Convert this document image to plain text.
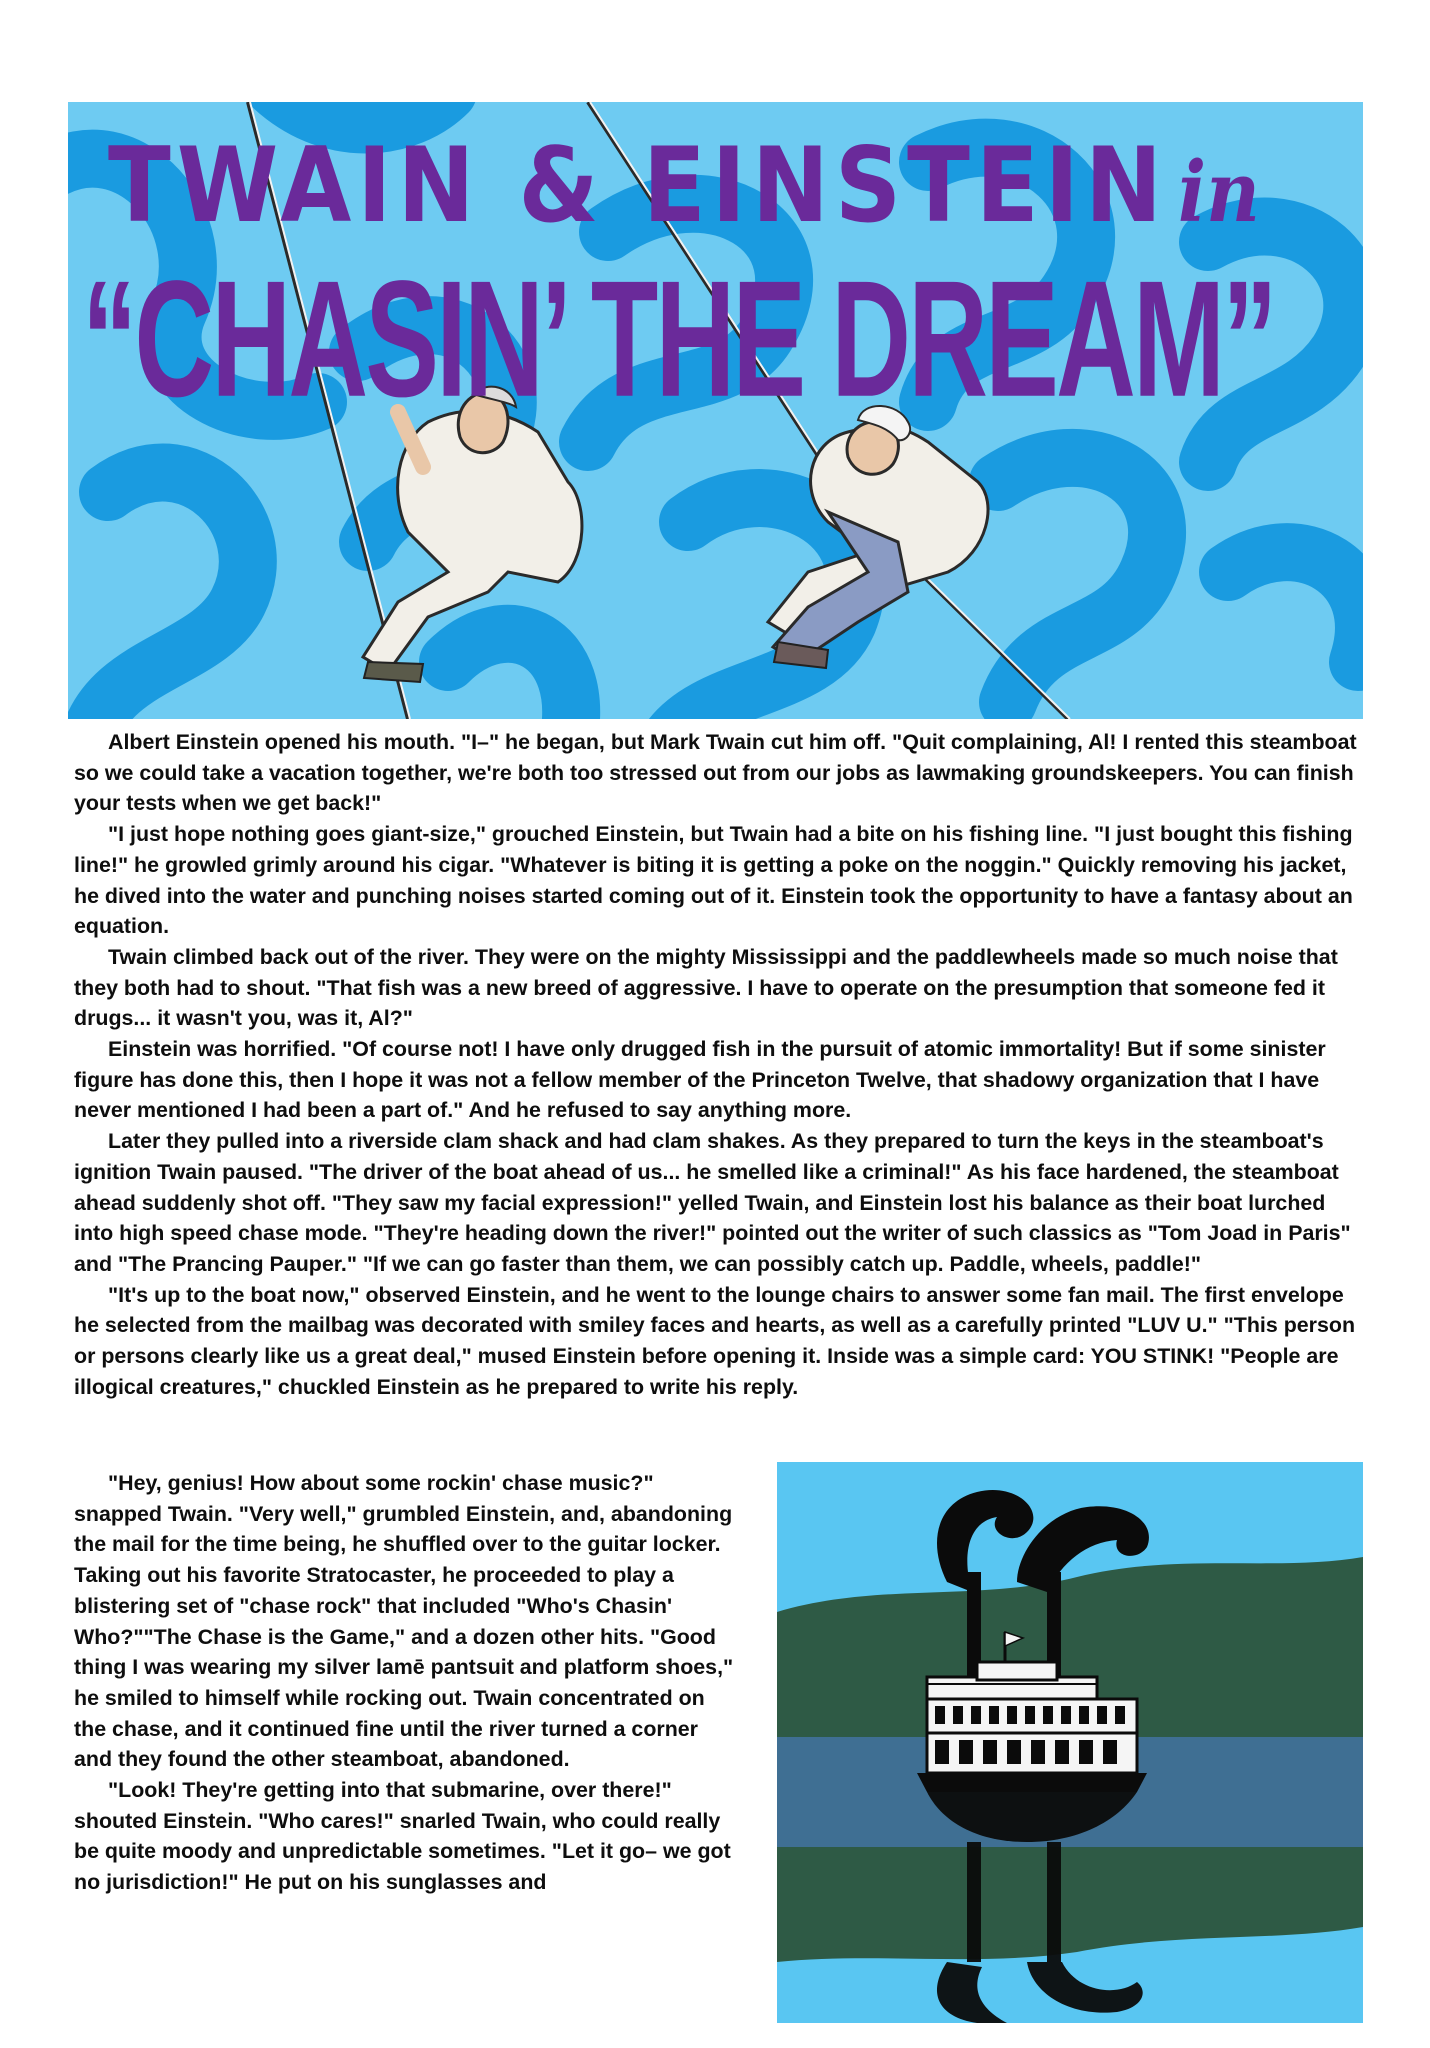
TWAIN & EINSTEIN in
“CHASIN’ THE DREAM”

Albert Einstein opened his mouth. "I–" he began, but Mark Twain cut him off. "Quit complaining, Al! I rented this steamboat so we could take a vacation together, we're both too stressed out from our jobs as lawmaking groundskeepers. You can finish your tests when we get back!"

"I just hope nothing goes giant-size," grouched Einstein, but Twain had a bite on his fishing line. "I just bought this fishing line!" he growled grimly around his cigar. "Whatever is biting it is getting a poke on the noggin." Quickly removing his jacket, he dived into the water and punching noises started coming out of it. Einstein took the opportunity to have a fantasy about an equation.

Twain climbed back out of the river. They were on the mighty Mississippi and the paddlewheels made so much noise that they both had to shout. "That fish was a new breed of aggressive. I have to operate on the presumption that someone fed it drugs... it wasn't you, was it, Al?"

Einstein was horrified. "Of course not! I have only drugged fish in the pursuit of atomic immortality! But if some sinister figure has done this, then I hope it was not a fellow member of the Princeton Twelve, that shadowy organization that I have never mentioned I had been a part of." And he refused to say anything more.

Later they pulled into a riverside clam shack and had clam shakes. As they prepared to turn the keys in the steamboat's ignition Twain paused. "The driver of the boat ahead of us... he smelled like a criminal!" As his face hardened, the steamboat ahead suddenly shot off. "They saw my facial expression!" yelled Twain, and Einstein lost his balance as their boat lurched into high speed chase mode. "They're heading down the river!" pointed out the writer of such classics as "Tom Joad in Paris" and "The Prancing Pauper." "If we can go faster than them, we can possibly catch up. Paddle, wheels, paddle!"

"It's up to the boat now," observed Einstein, and he went to the lounge chairs to answer some fan mail. The first envelope he selected from the mailbag was decorated with smiley faces and hearts, as well as a carefully printed "LUV U." "This person or persons clearly like us a great deal," mused Einstein before opening it. Inside was a simple card: YOU STINK! "People are illogical creatures," chuckled Einstein as he prepared to write his reply.

"Hey, genius! How about some rockin' chase music?" snapped Twain. "Very well," grumbled Einstein, and, abandoning the mail for the time being, he shuffled over to the guitar locker. Taking out his favorite Stratocaster, he proceeded to play a blistering set of "chase rock" that included "Who's Chasin' Who?""The Chase is the Game," and a dozen other hits. "Good thing I was wearing my silver lamē pantsuit and platform shoes," he smiled to himself while rocking out. Twain concentrated on the chase, and it continued fine until the river turned a corner and they found the other steamboat, abandoned.

"Look! They're getting into that submarine, over there!" shouted Einstein. "Who cares!" snarled Twain, who could really be quite moody and unpredictable sometimes. "Let it go– we got no jurisdiction!" He put on his sunglasses and
